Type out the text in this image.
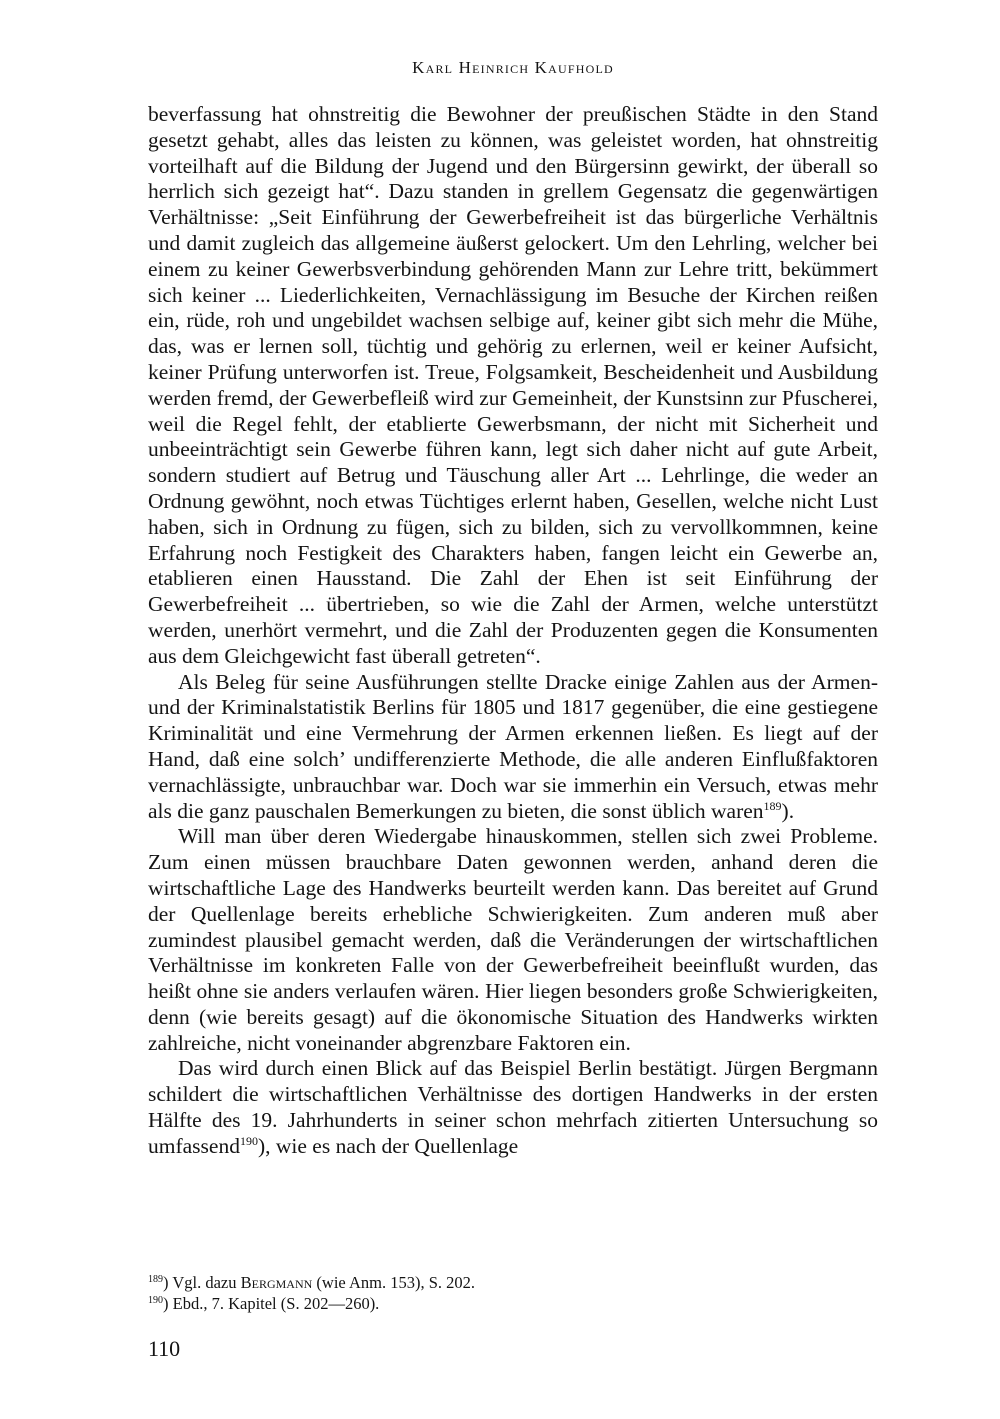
Karl Heinrich Kaufhold

beverfassung hat ohnstreitig die Bewohner der preußischen Städte in den Stand gesetzt gehabt, alles das leisten zu können, was geleistet worden, hat ohnstreitig vorteilhaft auf die Bildung der Jugend und den Bürgersinn gewirkt, der überall so herrlich sich gezeigt hat“. Dazu standen in grellem Gegensatz die gegenwärtigen Verhältnisse: „Seit Einführung der Gewerbefreiheit ist das bürgerliche Verhältnis und damit zugleich das allgemeine äußerst gelockert. Um den Lehrling, welcher bei einem zu keiner Gewerbsverbindung gehörenden Mann zur Lehre tritt, bekümmert sich keiner ... Liederlichkeiten, Vernachlässigung im Besuche der Kirchen reißen ein, rüde, roh und ungebildet wachsen selbige auf, keiner gibt sich mehr die Mühe, das, was er lernen soll, tüchtig und gehörig zu erlernen, weil er keiner Aufsicht, keiner Prüfung unterworfen ist. Treue, Folgsamkeit, Bescheidenheit und Ausbildung werden fremd, der Gewerbefleiß wird zur Gemeinheit, der Kunstsinn zur Pfuscherei, weil die Regel fehlt, der etablierte Gewerbsmann, der nicht mit Sicherheit und unbeeinträchtigt sein Gewerbe führen kann, legt sich daher nicht auf gute Arbeit, sondern studiert auf Betrug und Täuschung aller Art ... Lehrlinge, die weder an Ordnung gewöhnt, noch etwas Tüchtiges erlernt haben, Gesellen, welche nicht Lust haben, sich in Ordnung zu fügen, sich zu bilden, sich zu vervollkommnen, keine Erfahrung noch Festigkeit des Charakters haben, fangen leicht ein Gewerbe an, etablieren einen Hausstand. Die Zahl der Ehen ist seit Einführung der Gewerbefreiheit ... übertrieben, so wie die Zahl der Armen, welche unterstützt werden, unerhört vermehrt, und die Zahl der Produzenten gegen die Konsumenten aus dem Gleichgewicht fast überall getreten“.

Als Beleg für seine Ausführungen stellte Dracke einige Zahlen aus der Armen- und der Kriminalstatistik Berlins für 1805 und 1817 gegenüber, die eine gestiegene Kriminalität und eine Vermehrung der Armen erkennen ließen. Es liegt auf der Hand, daß eine solch’ undifferenzierte Methode, die alle anderen Einflußfaktoren vernachlässigte, unbrauchbar war. Doch war sie immerhin ein Versuch, etwas mehr als die ganz pauschalen Bemerkungen zu bieten, die sonst üblich waren$^{189}$).

Will man über deren Wiedergabe hinauskommen, stellen sich zwei Probleme. Zum einen müssen brauchbare Daten gewonnen werden, anhand deren die wirtschaftliche Lage des Handwerks beurteilt werden kann. Das bereitet auf Grund der Quellenlage bereits erhebliche Schwierigkeiten. Zum anderen muß aber zumindest plausibel gemacht werden, daß die Veränderungen der wirtschaftlichen Verhältnisse im konkreten Falle von der Gewerbefreiheit beeinflußt wurden, das heißt ohne sie anders verlaufen wären. Hier liegen besonders große Schwierigkeiten, denn (wie bereits gesagt) auf die ökonomische Situation des Handwerks wirkten zahlreiche, nicht voneinander abgrenzbare Faktoren ein.

Das wird durch einen Blick auf das Beispiel Berlin bestätigt. Jürgen Bergmann schildert die wirtschaftlichen Verhältnisse des dortigen Handwerks in der ersten Hälfte des 19. Jahrhunderts in seiner schon mehrfach zitierten Untersuchung so umfassend$^{190}$), wie es nach der Quellenlage

$^{189}$) Vgl. dazu Bergmann (wie Anm. 153), S. 202.
$^{190}$) Ebd., 7. Kapitel (S. 202—260).
110
